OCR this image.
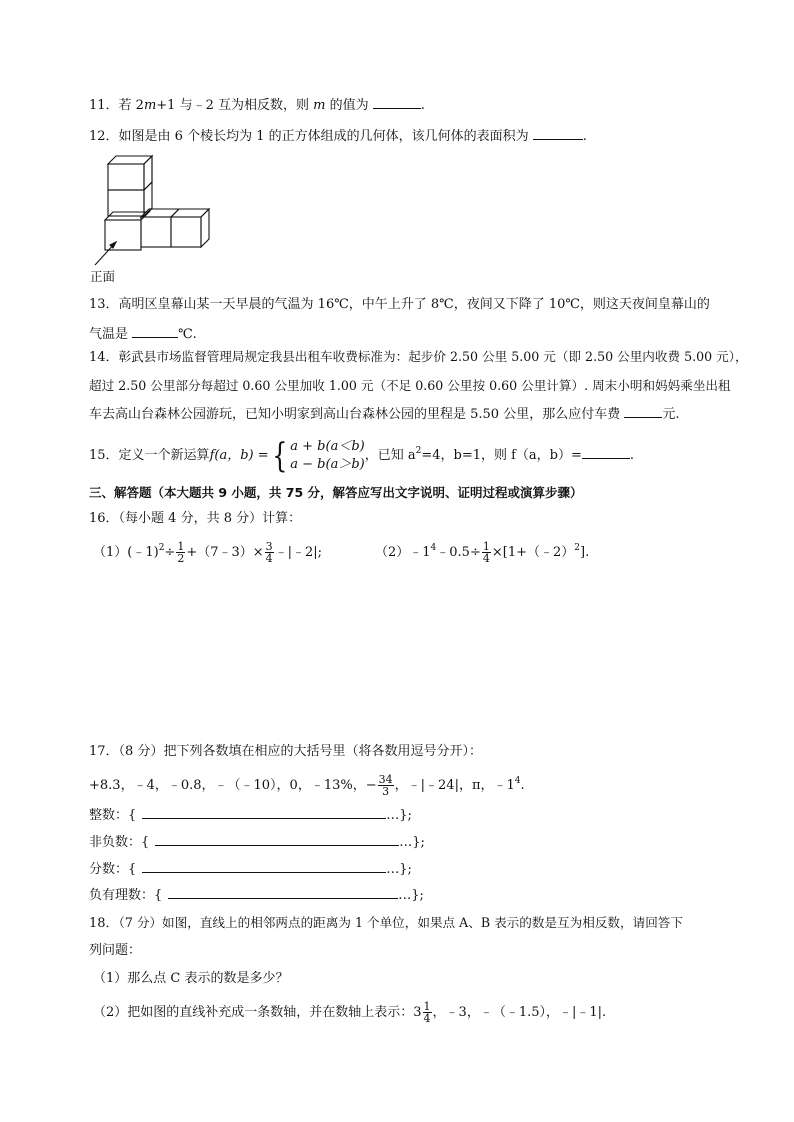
11．若 2m+1 与﹣2 互为相反数，则 m 的值为	.
12．如图是由 6 个棱长均为 1 的正方体组成的几何体，该几何体的表面积为	.
正面
13．高明区皇幕山某一天早晨的气温为 16℃，中午上升了 8℃，夜间又下降了 10℃，则这天夜间皇幕山的
气温是	℃.
14．彰武县市场监督管理局规定我县出租车收费标准为：起步价 2.50 公里 5.00 元（即 2.50 公里内收费 5.00 元），
超过 2.50 公里部分每超过 0.60 公里加收 1.00 元（不足 0.60 公里按 0.60 公里计算）. 周末小明和妈妈乘坐出租
车去高山台森林公园游玩，已知小明家到高山台森林公园的里程是 5.50 公里，那么应付车费	元.
15．定义一个新运算f(a，b) ={ a + b(a＜b)
a − b(a＞b)
，已知 $a^2=4$，b=1，则 f（a，b）=	.
三、解答题（本大题共 9 小题，共 75 分，解答应写出文字说明、证明过程或演算步骤）
16．（每小题 4 分，共 8 分）计算：
（1）(﹣1)$^2$÷ $\frac{1}{2}$ +（7﹣3）× $\frac{3}{4}$ ﹣|﹣2|;	$(2)﹣1^4﹣0.5\div \frac{1}{4}$ ×[1+（﹣2）$^2$].
17．（8 分）把下列各数填在相应的大括号里（将各数用逗号分开）：
+8.3，﹣4，﹣0.8，﹣（﹣10），0，﹣13%，− $\frac{34}{3}$ ，﹣|﹣24|，π，$﹣1^4$.
整数：{	…};
非负数：{	…};
分数：{	…};
负有理数：{	…};
18．（7 分）如图，直线上的相邻两点的距离为 1 个单位，如果点 A、B 表示的数是互为相反数，请回答下
列问题：
（1）那么点 C 表示的数是多少？
（2）把如图的直线补充成一条数轴，并在数轴上表示：$3 \frac{1}{4}$ ，﹣3，﹣（﹣1.5），﹣|﹣1|.
